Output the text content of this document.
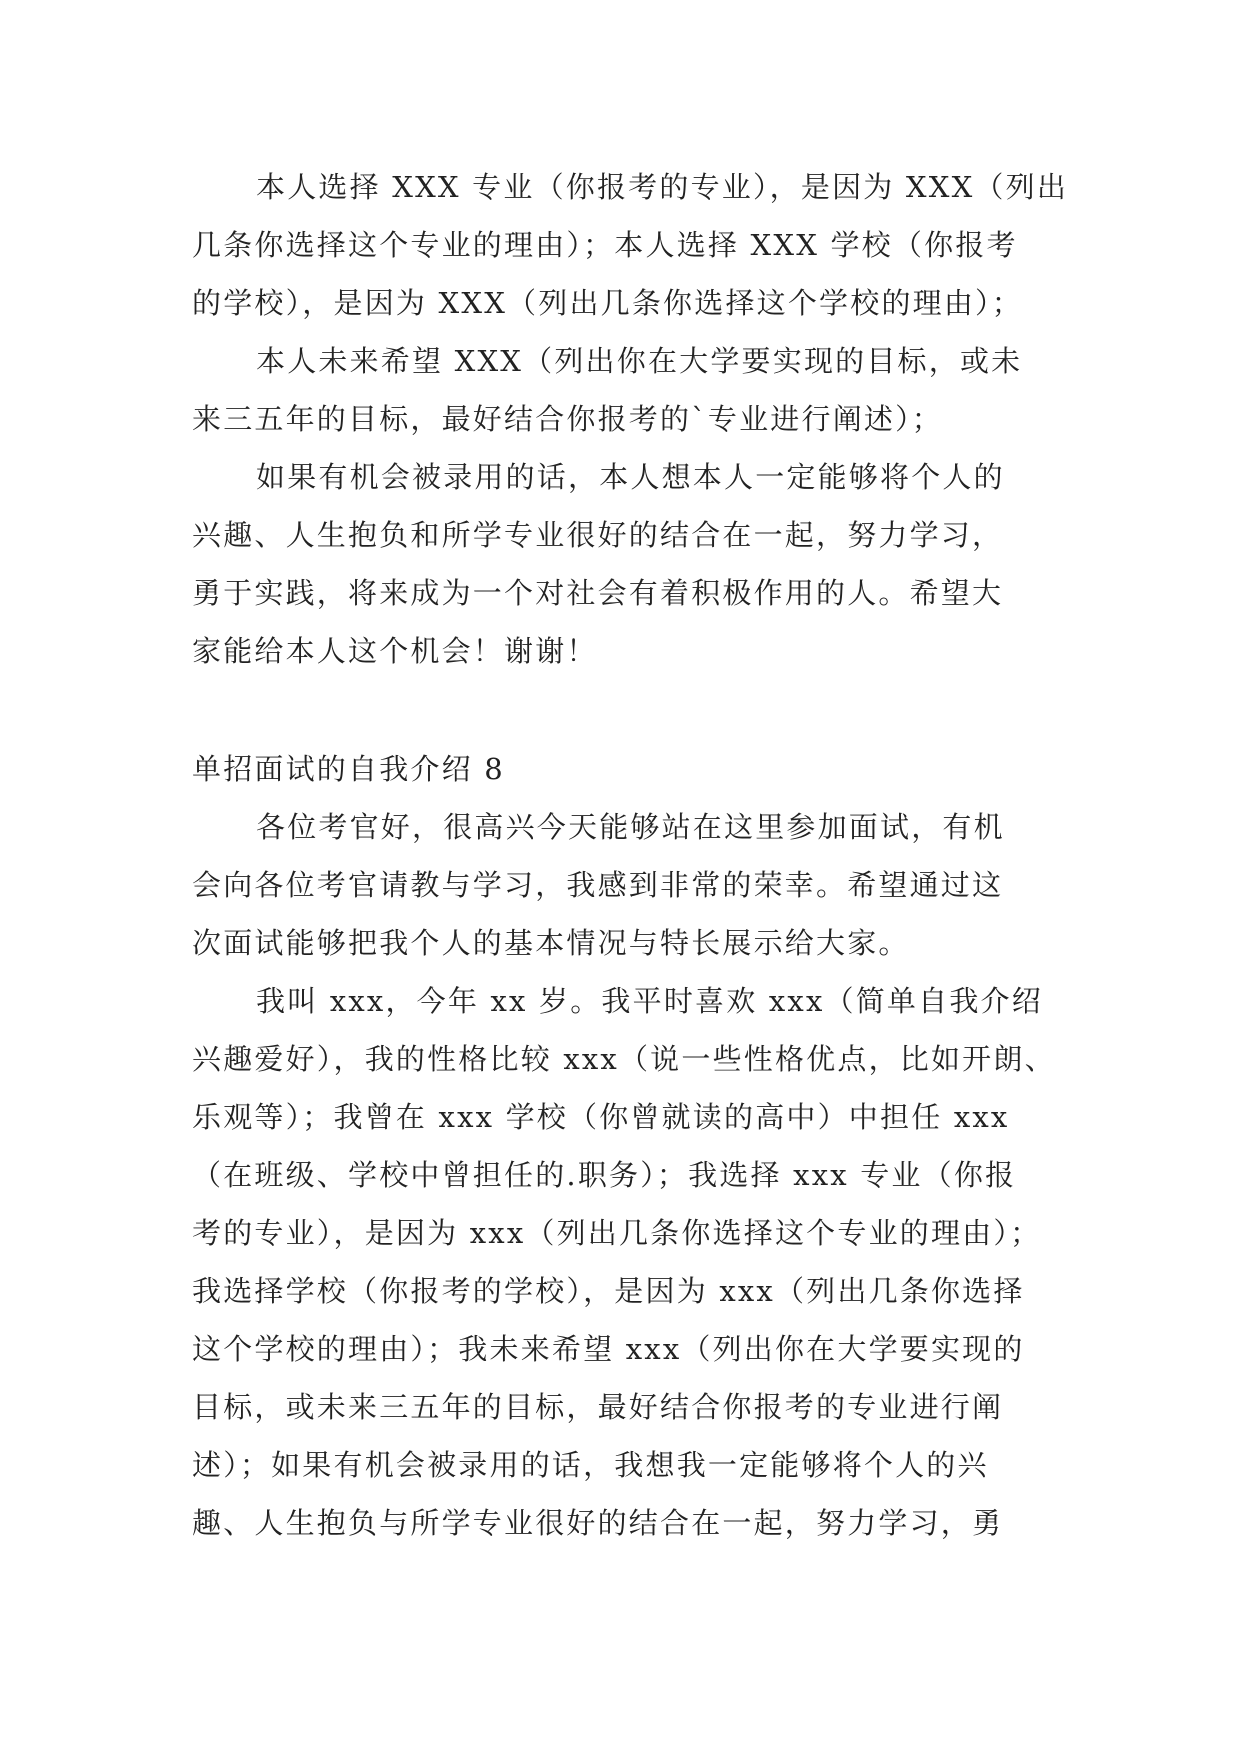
本人选择 XXX 专业（你报考的专业），是因为 XXX（列出
几条你选择这个专业的理由）；本人选择 XXX 学校（你报考
的学校），是因为 XXX（列出几条你选择这个学校的理由）；
本人未来希望 XXX（列出你在大学要实现的目标，或未
来三五年的目标，最好结合你报考的`专业进行阐述）；
如果有机会被录用的话，本人想本人一定能够将个人的
兴趣、人生抱负和所学专业很好的结合在一起，努力学习，
勇于实践，将来成为一个对社会有着积极作用的人。希望大
家能给本人这个机会！谢谢！
单招面试的自我介绍 8
各位考官好，很高兴今天能够站在这里参加面试，有机
会向各位考官请教与学习，我感到非常的荣幸。希望通过这
次面试能够把我个人的基本情况与特长展示给大家。
我叫 xxx，今年 xx 岁。我平时喜欢 xxx（简单自我介绍
兴趣爱好），我的性格比较 xxx（说一些性格优点，比如开朗、
乐观等）；我曾在 xxx 学校（你曾就读的高中）中担任 xxx
（在班级、学校中曾担任的.职务）；我选择 xxx 专业（你报
考的专业），是因为 xxx（列出几条你选择这个专业的理由）；
我选择学校（你报考的学校），是因为 xxx（列出几条你选择
这个学校的理由）；我未来希望 xxx（列出你在大学要实现的
目标，或未来三五年的目标，最好结合你报考的专业进行阐
述）；如果有机会被录用的话，我想我一定能够将个人的兴
趣、人生抱负与所学专业很好的结合在一起，努力学习，勇
